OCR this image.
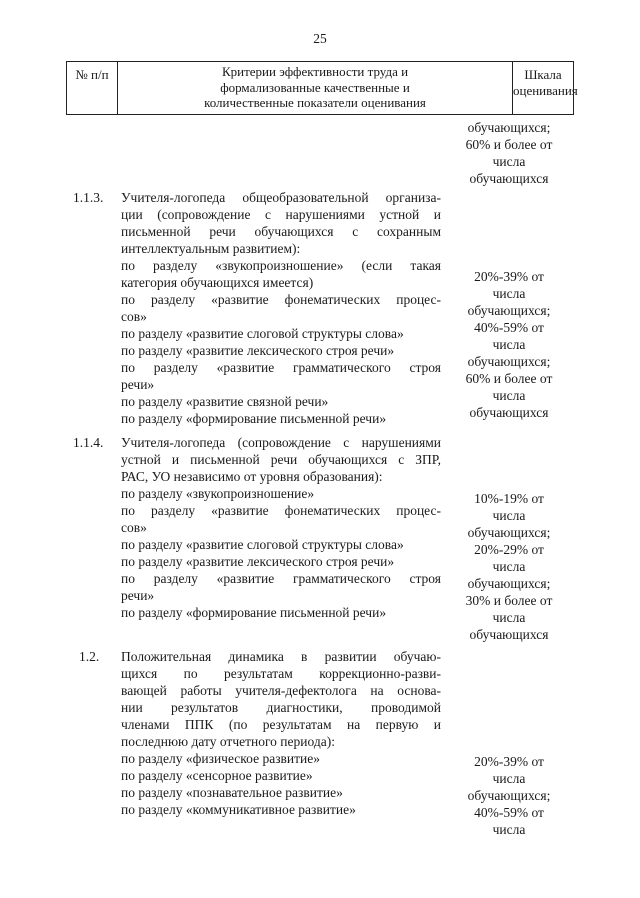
25
№ п/п	Критерии эффективности труда и
формализованные качественные и
количественные показатели оценивания
Шкала
оценивания
обучающихся;
60% и более от
числа
обучающихся
1.1.3. Учителя-логопеда общеобразовательной организа-
ции (сопровождение с нарушениями устной и
письменной речи обучающихся с сохранным
интеллектуальным развитием):
по разделу «звукопроизношение» (если такая
категория обучающихся имеется)
по разделу «развитие фонематических процес-
сов»
по разделу «развитие слоговой структуры слова»
по разделу «развитие лексического строя речи»
по разделу «развитие грамматического строя
речи»
по разделу «развитие связной речи»
по разделу «формирование письменной речи»
20%-39% от
числа
обучающихся;
40%-59% от
числа
обучающихся;
60% и более от
числа
обучающихся
1.1.4. Учителя-логопеда (сопровождение с нарушениями
устной и письменной речи обучающихся с ЗПР,
РАС, УО независимо от уровня образования):
по разделу «звукопроизношение»
по разделу «развитие фонематических процес-
сов»
по разделу «развитие слоговой структуры слова»
по разделу «развитие лексического строя речи»
по разделу «развитие грамматического строя
речи»
по разделу «формирование письменной речи»
10%-19% от
числа
обучающихся;
20%-29% от
числа
обучающихся;
30% и более от
числа
обучающихся
1.2. Положительная динамика в развитии обучаю-
щихся по результатам коррекционно-разви-
вающей работы учителя-дефектолога на основа-
нии результатов диагностики, проводимой
членами ППК (по результатам на первую и
последнюю дату отчетного периода):
по разделу «физическое развитие»
по разделу «сенсорное развитие»
по разделу «познавательное развитие»
по разделу «коммуникативное развитие»
20%-39% от
числа
обучающихся;
40%-59% от
числа
